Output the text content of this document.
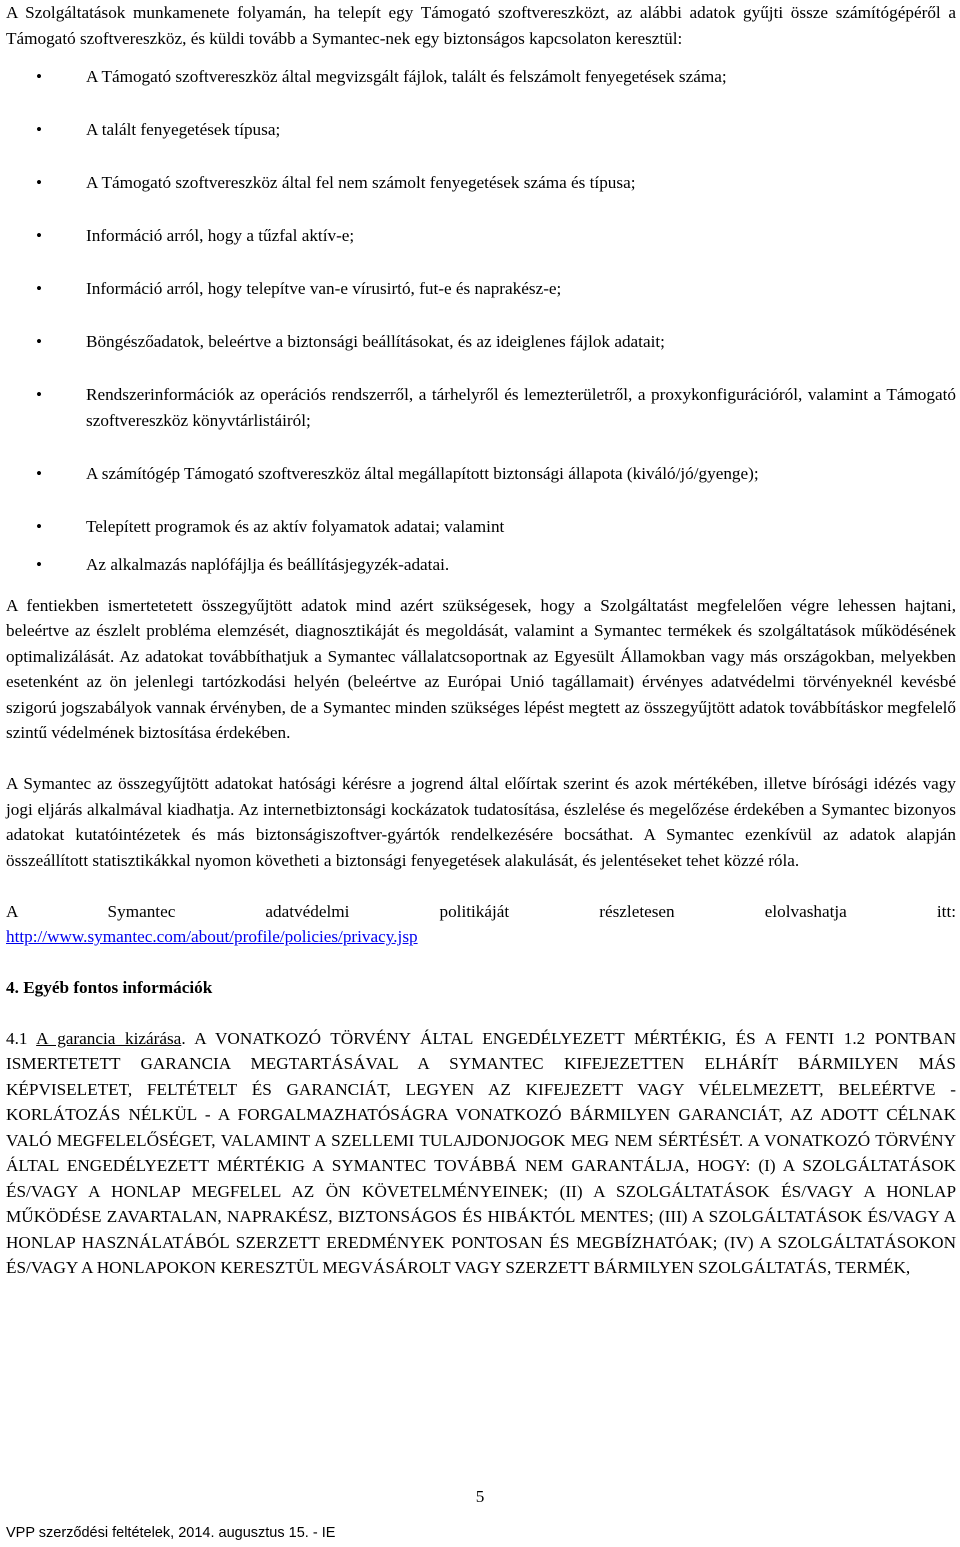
A Szolgáltatások munkamenete folyamán, ha telepít egy Támogató szoftvereszközt, az alábbi adatok gyűjti össze számítógépéről a Támogató szoftvereszköz, és küldi tovább a Symantec-nek egy biztonságos kapcsolaton keresztül:

•	A Támogató szoftvereszköz által megvizsgált fájlok, talált és felszámolt fenyegetések száma;
•	A talált fenyegetések típusa;
•	A Támogató szoftvereszköz által fel nem számolt fenyegetések száma és típusa;
•	Információ arról, hogy a tűzfal aktív-e;
•	Információ arról, hogy telepítve van-e vírusirtó, fut-e és naprakész-e;
•	Böngészőadatok, beleértve a biztonsági beállításokat, és az ideiglenes fájlok adatait;
•	Rendszerinformációk az operációs rendszerről, a tárhelyről és lemezterületről, a proxykonfigurációról, valamint a Támogató szoftvereszköz könyvtárlistáiról;
•	A számítógép Támogató szoftvereszköz által megállapított biztonsági állapota (kiváló/jó/gyenge);
•	Telepített programok és az aktív folyamatok adatai; valamint
•	Az alkalmazás naplófájlja és beállításjegyzék-adatai.

A fentiekben ismertetetett összegyűjtött adatok mind azért szükségesek, hogy a Szolgáltatást megfelelően végre lehessen hajtani, beleértve az észlelt probléma elemzését, diagnosztikáját és megoldását, valamint a Symantec termékek és szolgáltatások működésének optimalizálását. Az adatokat továbbíthatjuk a Symantec vállalatcsoportnak az Egyesült Államokban vagy más országokban, melyekben esetenként az ön jelenlegi tartózkodási helyén (beleértve az Európai Unió tagállamait) érvényes adatvédelmi törvényeknél kevésbé szigorú jogszabályok vannak érvényben, de a Symantec minden szükséges lépést megtett az összegyűjtött adatok továbbításkor megfelelő szintű védelmének biztosítása érdekében.

A Symantec az összegyűjtött adatokat hatósági kérésre a jogrend által előírtak szerint és azok mértékében, illetve bírósági idézés vagy jogi eljárás alkalmával kiadhatja. Az internetbiztonsági kockázatok tudatosítása, észlelése és megelőzése érdekében a Symantec bizonyos adatokat kutatóintézetek és más biztonságiszoftver-gyártók rendelkezésére bocsáthat. A Symantec ezenkívül az adatok alapján összeállított statisztikákkal nyomon követheti a biztonsági fenyegetések alakulását, és jelentéseket tehet közzé róla.

A Symantec adatvédelmi politikáját részletesen elolvashatja itt:

http://www.symantec.com/about/profile/policies/privacy.jsp

4. Egyéb fontos információk

4.1 A garancia kizárása. A VONATKOZÓ TÖRVÉNY ÁLTAL ENGEDÉLYEZETT MÉRTÉKIG, ÉS A FENTI 1.2 PONTBAN ISMERTETETT GARANCIA MEGTARTÁSÁVAL A SYMANTEC KIFEJEZETTEN ELHÁRÍT BÁRMILYEN MÁS KÉPVISELETET, FELTÉTELT ÉS GARANCIÁT, LEGYEN AZ KIFEJEZETT VAGY VÉLELMEZETT, BELEÉRTVE - KORLÁTOZÁS NÉLKÜL - A FORGALMAZHATÓSÁGRA VONATKOZÓ BÁRMILYEN GARANCIÁT, AZ ADOTT CÉLNAK VALÓ MEGFELELŐSÉGET, VALAMINT A SZELLEMI TULAJDONJOGOK MEG NEM SÉRTÉSÉT. A VONATKOZÓ TÖRVÉNY ÁLTAL ENGEDÉLYEZETT MÉRTÉKIG A SYMANTEC TOVÁBBÁ NEM GARANTÁLJA, HOGY: (I) A SZOLGÁLTATÁSOK ÉS/VAGY A HONLAP MEGFELEL AZ ÖN KÖVETELMÉNYEINEK; (II) A SZOLGÁLTATÁSOK ÉS/VAGY A HONLAP MŰKÖDÉSE ZAVARTALAN, NAPRAKÉSZ, BIZTONSÁGOS ÉS HIBÁKTÓL MENTES; (III) A SZOLGÁLTATÁSOK ÉS/VAGY A HONLAP HASZNÁLATÁBÓL SZERZETT EREDMÉNYEK PONTOSAN ÉS MEGBÍZHATÓAK; (IV) A SZOLGÁLTATÁSOKON ÉS/VAGY A HONLAPOKON KERESZTÜL MEGVÁSÁROLT VAGY SZERZETT BÁRMILYEN SZOLGÁLTATÁS, TERMÉK,

5
VPP szerződési feltételek, 2014. augusztus 15. - IE
